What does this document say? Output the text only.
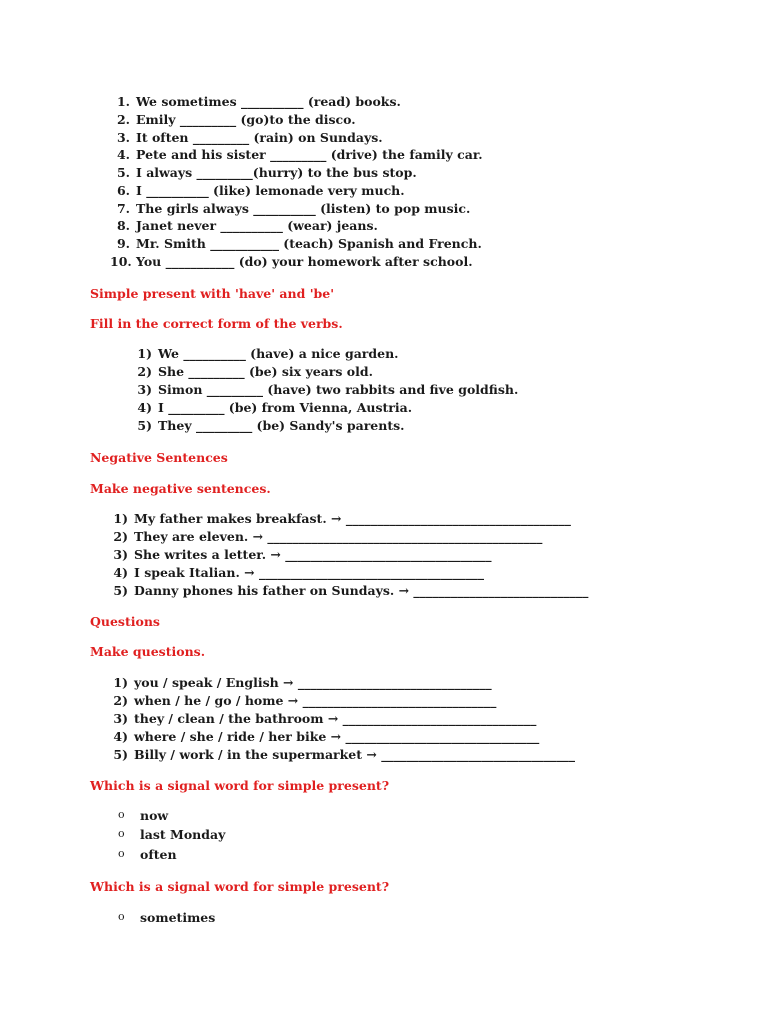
1. We sometimes __________ (read) books.
2. Emily _________ (go)to the disco.
3. It often _________ (rain) on Sundays.
4. Pete and his sister _________ (drive) the family car.
5. I always _________(hurry) to the bus stop.
6. I __________ (like) lemonade very much.
7. The girls always __________ (listen) to pop music.
8. Janet never __________ (wear) jeans.
9. Mr. Smith ___________ (teach) Spanish and French.
10. You ___________ (do) your homework after school.
Simple present with 'have' and 'be'
Fill in the correct form of the verbs.
1) We __________ (have) a nice garden.
2) She _________ (be) six years old.
3) Simon _________ (have) two rabbits and five goldfish.
4) I _________ (be) from Vienna, Austria.
5) They _________ (be) Sandy's parents.
Negative Sentences
Make negative sentences.
1) My father makes breakfast. → ____________________________________
2) They are eleven. → ____________________________________________
3) She writes a letter. → _________________________________
4) I speak Italian. → ____________________________________
5) Danny phones his father on Sundays. → ____________________________
Questions
Make questions.
1) you / speak / English → _______________________________
2) when / he / go / home → _______________________________
3) they / clean / the bathroom → _______________________________
4) where / she / ride / her bike → _______________________________
5) Billy / work / in the supermarket → _______________________________
Which is a signal word for simple present?
o now
o last Monday
o often
Which is a signal word for simple present?
o sometimes
